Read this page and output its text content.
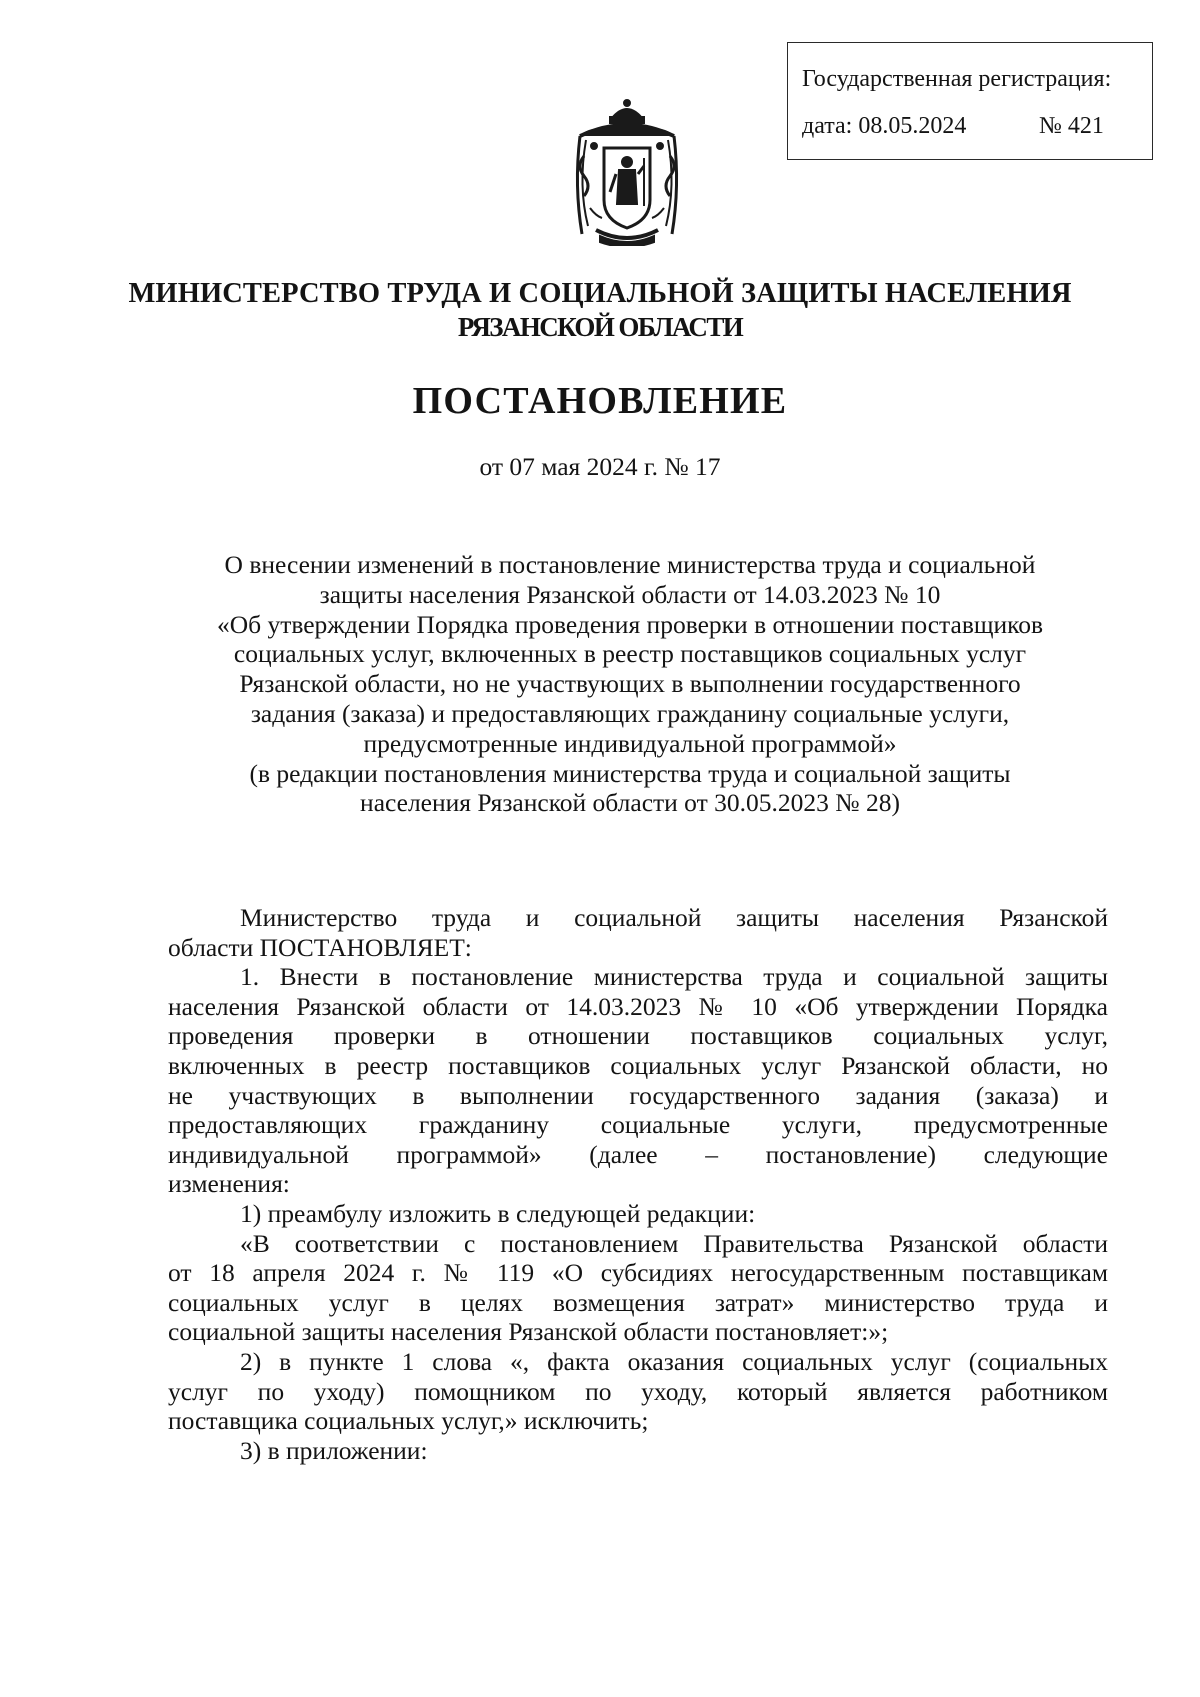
Государственная регистрация:
дата: 08.05.2024	№ 421
МИНИСТЕРСТВО ТРУДА И СОЦИАЛЬНОЙ ЗАЩИТЫ НАСЕЛЕНИЯ
РЯЗАНСКОЙ ОБЛАСТИ
ПОСТАНОВЛЕНИЕ
от 07 мая 2024 г. № 17
О внесении изменений в постановление министерства труда и социальной
защиты населения Рязанской области от 14.03.2023 № 10
«Об утверждении Порядка проведения проверки в отношении поставщиков
социальных услуг, включенных в реестр поставщиков социальных услуг
Рязанской области, но не участвующих в выполнении государственного
задания (заказа) и предоставляющих гражданину социальные услуги,
предусмотренные индивидуальной программой»
(в редакции постановления министерства труда и социальной защиты
населения Рязанской области от 30.05.2023 № 28)
Министерство труда и социальной защиты населения Рязанской
области ПОСТАНОВЛЯЕТ:
1. Внести в постановление министерства труда и социальной защиты
населения Рязанской области от 14.03.2023 № 10 «Об утверждении Порядка
проведения проверки в отношении поставщиков социальных услуг,
включенных в реестр поставщиков социальных услуг Рязанской области, но
не участвующих в выполнении государственного задания (заказа) и
предоставляющих гражданину социальные услуги, предусмотренные
индивидуальной программой» (далее – постановление) следующие
изменения:
1) преамбулу изложить в следующей редакции:
«В соответствии с постановлением Правительства Рязанской области
от 18 апреля 2024 г. № 119 «О субсидиях негосударственным поставщикам
социальных услуг в целях возмещения затрат» министерство труда и
социальной защиты населения Рязанской области постановляет:»;
2) в пункте 1 слова «, факта оказания социальных услуг (социальных
услуг по уходу) помощником по уходу, который является работником
поставщика социальных услуг,» исключить;
3) в приложении:
